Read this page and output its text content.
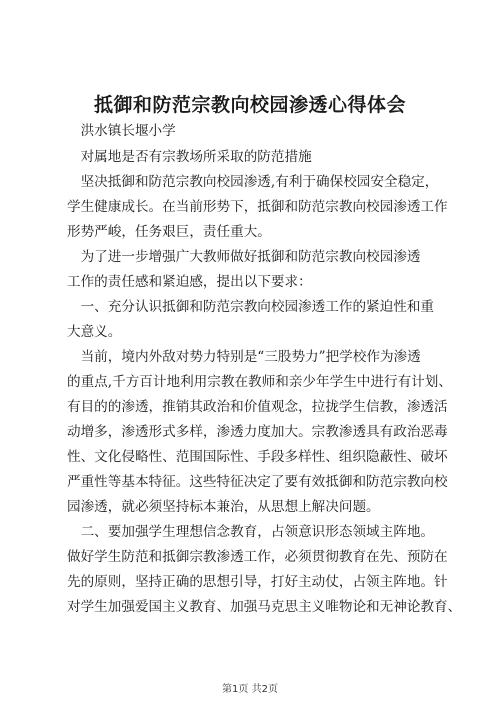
抵御和防范宗教向校园渗透心得体会

　洪水镇长堰小学

　对属地是否有宗教场所采取的防范措施

　坚决抵御和防范宗教向校园渗透,有利于确保校园安全稳定，

学生健康成长。在当前形势下，抵御和防范宗教向校园渗透工作

形势严峻，任务艰巨，责任重大。

　为了进一步增强广大教师做好抵御和防范宗教向校园渗透

工作的责任感和紧迫感，提出以下要求：

　一、充分认识抵御和防范宗教向校园渗透工作的紧迫性和重

大意义。

　当前，境内外敌对势力特别是“三股势力”把学校作为渗透

的重点,千方百计地利用宗教在教师和亲少年学生中进行有计划、

有目的的渗透，推销其政治和价值观念，拉拢学生信教，渗透活

动增多，渗透形式多样，渗透力度加大。宗教渗透具有政治恶毒

性、文化侵略性、范围国际性、手段多样性、组织隐蔽性、破坏

严重性等基本特征。这些特征决定了要有效抵御和防范宗教向校

园渗透，就必须坚持标本兼治，从思想上解决问题。

　二、要加强学生理想信念教育，占领意识形态领域主阵地。

做好学生防范和抵御宗教渗透工作，必须贯彻教育在先、预防在

先的原则，坚持正确的思想引导，打好主动仗，占领主阵地。针

对学生加强爱国主义教育、加强马克思主义唯物论和无神论教育、

第1页 共2页
